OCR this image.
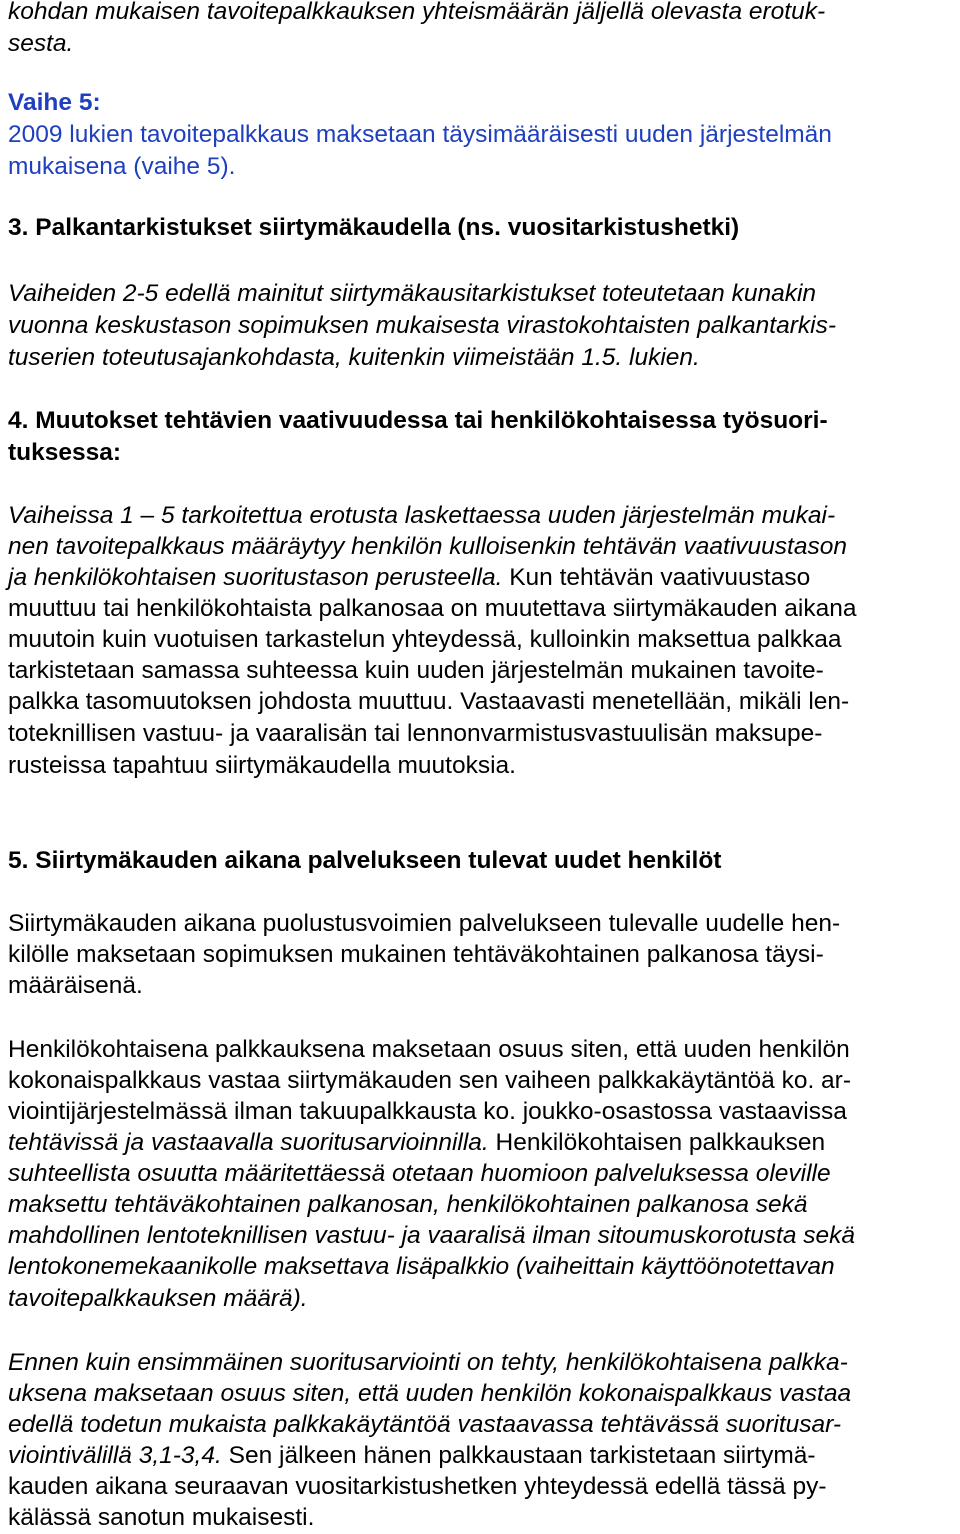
kohdan mukaisen tavoitepalkkauksen yhteismäärän jäljellä olevasta erotuk-
sesta.
Vaihe 5:
2009 lukien tavoitepalkkaus maksetaan täysimääräisesti uuden järjestelmän
mukaisena (vaihe 5).
3. Palkantarkistukset siirtymäkaudella (ns. vuositarkistushetki)
Vaiheiden 2-5 edellä mainitut siirtymäkausitarkistukset toteutetaan kunakin
vuonna keskustason sopimuksen mukaisesta virastokohtaisten palkantarkis-
tuserien toteutusajankohdasta, kuitenkin viimeistään 1.5. lukien.
4. Muutokset tehtävien vaativuudessa tai henkilökohtaisessa työsuori-
tuksessa:
Vaiheissa 1 – 5 tarkoitettua erotusta laskettaessa uuden järjestelmän mukai-
nen tavoitepalkkaus määräytyy henkilön kulloisenkin tehtävän vaativuustason
ja henkilökohtaisen suoritustason perusteella. Kun tehtävän vaativuustaso
muuttuu tai henkilökohtaista palkanosaa on muutettava siirtymäkauden aikana
muutoin kuin vuotuisen tarkastelun yhteydessä, kulloinkin maksettua palkkaa
tarkistetaan samassa suhteessa kuin uuden järjestelmän mukainen tavoite-
palkka tasomuutoksen johdosta muuttuu. Vastaavasti menetellään, mikäli len-
toteknillisen vastuu- ja vaaralisän tai lennonvarmistusvastuulisän maksupe-
rusteissa tapahtuu siirtymäkaudella muutoksia.
5. Siirtymäkauden aikana palvelukseen tulevat uudet henkilöt
Siirtymäkauden aikana puolustusvoimien palvelukseen tulevalle uudelle hen-
kilölle maksetaan sopimuksen mukainen tehtäväkohtainen palkanosa täysi-
määräisenä.
Henkilökohtaisena palkkauksena maksetaan osuus siten, että uuden henkilön
kokonaispalkkaus vastaa siirtymäkauden sen vaiheen palkkakäytäntöä ko. ar-
viointijärjestelmässä ilman takuupalkkausta ko. joukko-osastossa vastaavissa
tehtävissä ja vastaavalla suoritusarvioinnilla. Henkilökohtaisen palkkauksen
suhteellista osuutta määritettäessä otetaan huomioon palveluksessa oleville
maksettu tehtäväkohtainen palkanosan, henkilökohtainen palkanosa sekä
mahdollinen lentoteknillisen vastuu- ja vaaralisä ilman sitoumuskorotusta sekä
lentokonemekaanikolle maksettava lisäpalkkio (vaiheittain käyttöönotettavan
tavoitepalkkauksen määrä).
Ennen kuin ensimmäinen suoritusarviointi on tehty, henkilökohtaisena palkka-
uksena maksetaan osuus siten, että uuden henkilön kokonaispalkkaus vastaa
edellä todetun mukaista palkkakäytäntöä vastaavassa tehtävässä suoritusar-
viointivälillä 3,1-3,4. Sen jälkeen hänen palkkaustaan tarkistetaan siirtymä-
kauden aikana seuraavan vuositarkistushetken yhteydessä edellä tässä py-
kälässä sanotun mukaisesti.
